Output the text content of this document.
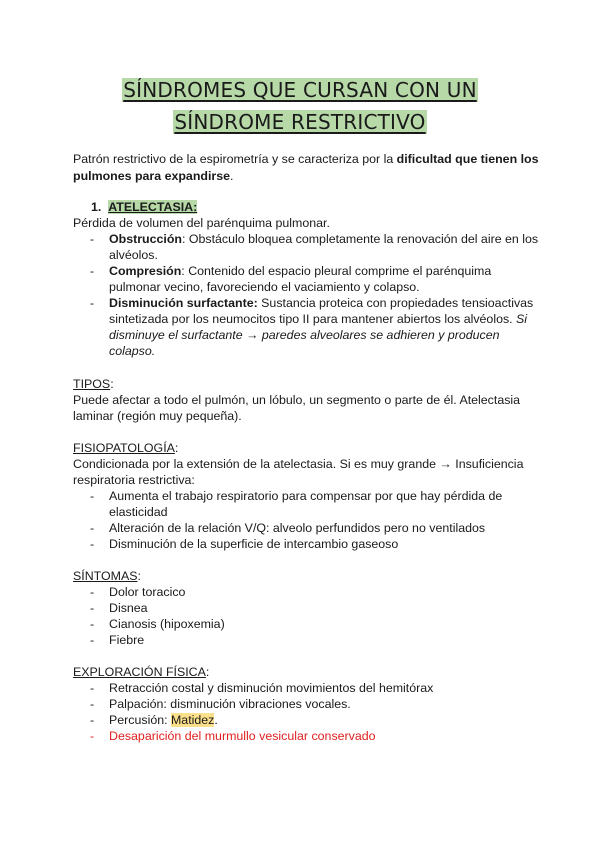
SÍNDROMES QUE CURSAN CON UN
SÍNDROME RESTRICTIVO
Patrón restrictivo de la espirometría y se caracteriza por la dificultad que tienen los pulmones para expandirse.
1. ATELECTASIA:
Pérdida de volumen del parénquima pulmonar.
- Obstrucción: Obstáculo bloquea completamente la renovación del aire en los alvéolos.
- Compresión: Contenido del espacio pleural comprime el parénquima pulmonar vecino, favoreciendo el vaciamiento y colapso.
- Disminución surfactante: Sustancia proteica con propiedades tensioactivas sintetizada por los neumocitos tipo II para mantener abiertos los alvéolos. Si disminuye el surfactante → paredes alveolares se adhieren y producen colapso.
TIPOS:
Puede afectar a todo el pulmón, un lóbulo, un segmento o parte de él. Atelectasia laminar (región muy pequeña).
FISIOPATOLOGÍA:
Condicionada por la extensión de la atelectasia. Si es muy grande → Insuficiencia respiratoria restrictiva:
- Aumenta el trabajo respiratorio para compensar por que hay pérdida de elasticidad
- Alteración de la relación V/Q: alveolo perfundidos pero no ventilados
- Disminución de la superficie de intercambio gaseoso
SÍNTOMAS:
- Dolor toracico
- Disnea
- Cianosis (hipoxemia)
- Fiebre
EXPLORACIÓN FÍSICA:
- Retracción costal y disminución movimientos del hemitórax
- Palpación: disminución vibraciones vocales.
- Percusión: Matidez.
- Desaparición del murmullo vesicular conservado
